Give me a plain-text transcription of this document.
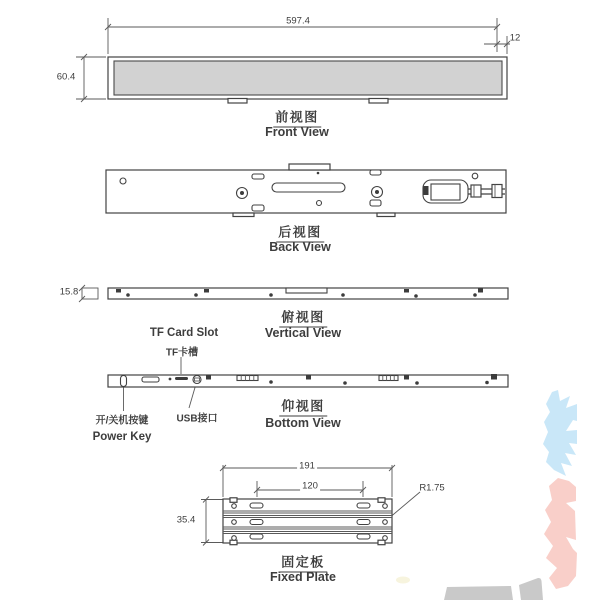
597.4
12
60.4
前视图
Front View
后视图
Back View
15.8
俯视图
Vertical View
TF Card Slot
TF卡槽
仰视图
Bottom View
USB接口
开/关机按键
Power Key
191
120
35.4
R1.75
固定板
Fixed Plate
